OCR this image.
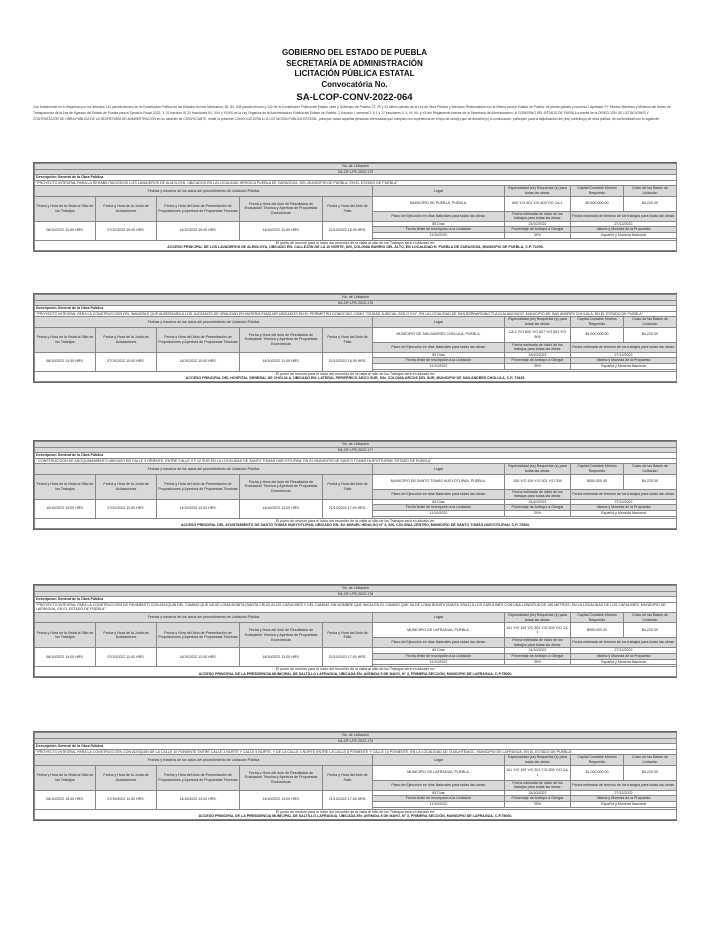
GOBIERNO DEL ESTADO DE PUEBLA
SECRETARÍA DE ADMINISTRACIÓN
LICITACIÓN PÚBLICA ESTATAL
Convocatória No.
SA-LCOP-CONV-2022-064
Con fundamento en lo dispuesto por los artículos 134 párrafo tercero de la Constitución Política de los Estados Unidos Mexicanos, 82, 83, 108 párrafo tercero y 122 de la Constitución Política del Estado Libre y Soberano de Puebla; 27, 29 y 31 último párrafo de la Ley de Obra Pública y Servicios Relacionados con la Misma para el Estado de Puebla; 46 primer párrafo y numeral 2 Apartado "H" Montos Máximos y Mínimos del Anexo de Transparencia de la Ley de Egresos del Estado de Puebla para el Ejercicio Fiscal 2022; 3, 31 fracción III, 34 fracciones XV, XXII y XXXIII de la Ley Orgánica de la Administración Pública del Estado de Puebla; 2, fracción I, numeral 1, 5.1 y 17 fracciones II, V, VI, VII, y XII del Reglamento Interior de la Secretaría de Administración, el GOBIERNO DEL ESTADO DE PUEBLA a través de la DIRECCIÓN DE LICITACIONES Y CONTRATACIÓN DE OBRA PÚBLICA DE LA SECRETARÍA DE ADMINISTRACIÓN en su carácter de CONVOCANTE, emite la presente CONVOCATORIA A LA LICITACIÓN PÚBLICA ESTATAL, para que todas aquellas personas interesadas que cumplan con experiencia en el tipo de obra(s) que se describe(n) a continuación, participen para la adjudicación del (los) contrato(s) de obra pública, de conformidad con lo siguiente:
No. de Licitación								
SA-OP-LPE-2022-175								
Descripción General de la Obra Pública								
"PROYECTO INTEGRAL PARA LA REHABILITACIÓN DE LOS LAVADEROS DE ALMOLOYA, UBICADOS EN LA LOCALIDAD HEROICA PUEBLA DE ZARAGOZA, DEL MUNICIPIO DE PUEBLA, EN EL ESTADO DE PUEBLA"								
Fechas y horarios de los actos del procedimiento de Licitación Pública					Lugar	Especialidad (es) Requerida (s) para todas las obras:	Capital Contable Mínimo Requerido	Costo de las Bases de Licitación
Fecha y Hora de la Visita al Sitio de los Trabajos	Fecha y Hora de la Junta de Aclaraciones	Fecha y Hora del Acto de Presentación de Proposiciones y Apertura de Propuestas Técnicas	Fecha y Hora del Acto de Resultados de Evaluación Técnica y Apertura de Propuestas Económicas	Fecha y Hora del Acto de Fallo	MUNICIPIO DE PUEBLA, PUEBLA.	600 Y/O 601 Y/O 609 Y/O CA-1	$2,600,000.00	$4,220.00
					Plazo de Ejecución en días Naturales para todas las obras:	Fecha estimada de inicio de los trabajos para todas las obras:	Fecha estimada de termino de los trabajos para todas las obras:	
06/10/2022 11:00 HRS.	07/10/2022 10:00 HRS.	14/10/2022 10:00 HRS.	14/10/2022 11:00 HRS.	21/10/2022 16:30 HRS.	65 Días	24/10/2022	27/12/2022	
					Fecha límite de Inscripción a la Licitación	Porcentaje de Anticipo a Otorgar	Idioma y Moneda de la Propuesta	
					11/10/2022	30%	Español y Moneda Nacional	

El punto de reunión para el inicio del recorrido de la visita al sitio de los Trabajos será el ubicado en:
ACCESO PRINCIPAL DE LOS LAVADEROS DE ALMOLOYA, UBICADO EN: CALLEJÓN DE LA 10 NORTE, S/N, COLONIA BARRIO DEL ALTO, EN LOCALIDAD H. PUEBLA DE ZARAGOZA, MUNICIPIO DE PUEBLA, C.P. 72290.								
No. de Licitación								
SA-OP-LPE-2022-176								
Descripción General de la Obra Pública								
"PROYECTO INTEGRAL PARA LA CONSTRUCCIÓN DEL INMUEBLE QUE ALBERGARÁ A LOS JUZGADOS DE ORALIDAD EN MATERIA FAMILIAR UBICADOS EN EL PERÍMETRO CONOCIDO COMO "CIUDAD JUDICIAL SIGLO XXI", EN LA LOCALIDAD DE SAN BERNARDINO TLAXCALANCINGO, MUNICIPIO DE SAN ANDRÉS CHOLULA, EN EL ESTADO DE PUEBLA"								
Fechas y horarios de los actos del procedimiento de Licitación Pública					Lugar	Especialidad (es) Requerida (s) para todas las obras:	Capital Contable Mínimo Requerido	Costo de las Bases de Licitación
Fecha y Hora de la Visita al Sitio de los Trabajos	Fecha y Hora de la Junta de Aclaraciones	Fecha y Hora del Acto de Presentación de Proposiciones y Apertura de Propuestas Técnicas	Fecha y Hora del Acto de Resultados de Evaluación Técnica y Apertura de Propuestas Económicas	Fecha y Hora del Acto de Fallo	MUNICIPIO DE SAN ANDRÉS CHOLULA, PUEBLA.	CA-1 Y/O 600 Y/O 607 Y/O 601 Y/O 609	$4,500,000.00	$4,220.00
					Plazo de Ejecución en días Naturales para todas las obras:	Fecha estimada de inicio de los trabajos para todas las obras:	Fecha estimada de termino de los trabajos para todas las obras:	
06/10/2022 14:30 HRS.	07/10/2022 10:00 HRS.	14/10/2022 10:00 HRS.	14/10/2022 11:00 HRS.	21/10/2022 16:30 HRS.	65 Días	24/10/2022	27/12/2022	
					Fecha límite de Inscripción a la Licitación	Porcentaje de Anticipo a Otorgar	Idioma y Moneda de la Propuesta	
					11/10/2022	30%	Español y Moneda Nacional	

El punto de reunión para el inicio del recorrido de la visita al sitio de los Trabajos será el ubicado en:
ACCESO PRINCIPAL DEL HOSPITAL GENERAL DE CHOLULA, UBICADO EN: LATERAL PERIFÉRICO ARCO SUR, S/N, COLONIA ARCOS DEL SUR, MUNICIPIO DE SAN ANDRÉS CHOLULA, C.P. 72825.								
No. de Licitación								
SA-OP-LPE-2022-177								
Descripción General de la Obra Pública								
" CONSTRUCCIÓN DE ADOQUINAMIENTO UBICADO EN CALLE 3 ORIENTE, ENTRE CALLE 4 Y 12 SUR EN LA LOCALIDAD DE SANTO TOMÁS HUEYOTLIPAN, EN EL MUNICIPIO DE SANTO TOMÁS HUEYOTLIPAN, ESTADO DE PUEBLA"								
Fechas y horarios de los actos del procedimiento de Licitación Pública					Lugar	Especialidad (es) Requerida (s) para todas las obras:	Capital Contable Mínimo Requerido	Costo de las Bases de Licitación
Fecha y Hora de la Visita al Sitio de los Trabajos	Fecha y Hora de la Junta de Aclaraciones	Fecha y Hora del Acto de Presentación de Proposiciones y Apertura de Propuestas Técnicas	Fecha y Hora del Acto de Resultados de Evaluación Técnica y Apertura de Propuestas Económicas	Fecha y Hora del Acto de Fallo	MUNICIPIO DE SANTO TOMÁS HUEYOTLIPAN, PUEBLA.	100 Y/O 109 Y/O 301 Y/O 309	$500,000.00	$4,220.00
					Plazo de Ejecución en días Naturales para todas las obras:	Fecha estimada de inicio de los trabajos para todas las obras:	Fecha estimada de termino de los trabajos para todas las obras:	
10/10/2022 10:00 HRS.	07/10/2022 11:00 HRS.	14/10/2022 12:00 HRS.	14/10/2022 13:00 HRS.	21/10/2022 17:00 HRS.	65 Días	24/10/2022	27/12/2022	
					Fecha límite de Inscripción a la Licitación	Porcentaje de Anticipo a Otorgar	Idioma y Moneda de la Propuesta	
					11/10/2022	30%	Español y Moneda Nacional	

El punto de reunión para el inicio del recorrido de la visita al sitio de los Trabajos será el ubicado en:
ACCESO PRINCIPAL DEL AYUNTAMIENTO DE SANTO TOMÁS HUEYOTLIPAN, UBICADO EN: AV. MIGUEL HIDALGO N° 3, S/N, COLONIA CENTRO, MUNICIPIO DE SANTO TOMÁS HUEYOTLIPAN, C.P. 75500.								
No. de Licitación								
SA-OP-LPE-2022-178								
Descripción General de la Obra Pública								
"PROYECTO INTEGRAL PARA LA CONSTRUCCIÓN DE PAVIMENTO CON ADOQUÍN DEL CAMINO QUE VA DE LOMA BONITA (SANTA CRUZ) A LOS CAPULINES Y DEL CAMINO SIN NOMBRE QUE INICIA EN EL CAMINO QUE VA DE LOMA BONITA (SANTA CRUZ) A LOS CAPULINES CON UNA LONGITUD DE 196 METROS, EN LA LOCALIDAD DE LOS CAPULINES, MUNICIPIO DE LAFRAGUA, EN EL ESTADO DE PUEBLA"								
Fechas y horarios de los actos del procedimiento de Licitación Pública					Lugar	Especialidad (es) Requerida (s) para todas las obras:	Capital Contable Mínimo Requerido	Costo de las Bases de Licitación
Fecha y Hora de la Visita al Sitio de los Trabajos	Fecha y Hora de la Junta de Aclaraciones	Fecha y Hora del Acto de Presentación de Proposiciones y Apertura de Propuestas Técnicas	Fecha y Hora del Acto de Resultados de Evaluación Técnica y Apertura de Propuestas Económicas	Fecha y Hora del Acto de Fallo	MUNICIPIO DE LAFRAGUA, PUEBLA.	101 Y/O 109 Y/O 301 Y/O 309 Y/O CA-1	$900,000.00	$4,220.00
					Plazo de Ejecución en días Naturales para todas las obras:	Fecha estimada de inicio de los trabajos para todas las obras:	Fecha estimada de termino de los trabajos para todas las obras:	
06/10/2022 14:00 HRS.	07/10/2022 11:00 HRS.	14/10/2022 12:00 HRS.	14/10/2022 13:00 HRS.	21/10/2022 17:00 HRS.	65 Días	24/10/2022	27/12/2022	
					Fecha límite de Inscripción a la Licitación	Porcentaje de Anticipo a Otorgar	Idioma y Moneda de la Propuesta	
					11/10/2022	30%	Español y Moneda Nacional	

El punto de reunión para el inicio del recorrido de la visita al sitio de los Trabajos será el ubicado en:
ACCESO PRINCIPAL DE LA PRESIDENCIA MUNICIPAL DE SALTILLO LAFRAGUA, UBICADA EN: AVENIDA 5 DE MAYO, N° 3, PRIMERA SECCIÓN, MUNICIPIO DE LAFRAGUA, C.P.75060.								
No. de Licitación								
SA-OP-LPE-2022-179								
Descripción General de la Obra Pública								
"PROYECTO INTEGRAL PARA LA CONSTRUCCIÓN CON ADOQUÍN DE LA CALLE 10 PONIENTE ENTRE CALLE 3 NORTE Y CALLE 5 NORTE, Y DE LA CALLE 3 NORTE ENTRE LA CALLE 8 PONIENTE Y CALLE 10 PONIENTE, EN LA LOCALIDAD DE CUAUHTÉMOC, MUNICIPIO DE LAFRAGUA, EN EL ESTADO DE PUEBLA"								
Fechas y horarios de los actos del procedimiento de Licitación Pública					Lugar	Especialidad (es) Requerida (s) para todas las obras:	Capital Contable Mínimo Requerido	Costo de las Bases de Licitación
Fecha y Hora de la Visita al Sitio de los Trabajos	Fecha y Hora de la Junta de Aclaraciones	Fecha y Hora del Acto de Presentación de Proposiciones y Apertura de Propuestas Técnicas	Fecha y Hora del Acto de Resultados de Evaluación Técnica y Apertura de Propuestas Económicas	Fecha y Hora del Acto de Fallo	MUNICIPIO DE LAFRAGUA, PUEBLA.	101 Y/O 109 Y/O 301 Y/O 309 Y/O CA-1	$1,000,000.00	$4,220.00
					Plazo de Ejecución en días Naturales para todas las obras:	Fecha estimada de inicio de los trabajos para todas las obras:	Fecha estimada de termino de los trabajos para todas las obras:	
06/10/2022 15:30 HRS.	07/10/2022 11:00 HRS.	14/10/2022 12:00 HRS.	14/10/2022 13:00 HRS.	21/10/2022 17:00 HRS.	65 Días	24/10/2022	27/12/2022	
					Fecha límite de Inscripción a la Licitación	Porcentaje de Anticipo a Otorgar	Idioma y Moneda de la Propuesta	
					11/10/2022	30%	Español y Moneda Nacional	

El punto de reunión para el inicio del recorrido de la visita al sitio de los Trabajos será el ubicado en:
ACCESO PRINCIPAL DE LA PRESIDENCIA MUNICIPAL DE SALTILLO LAFRAGUA, UBICADA EN: AVENIDA 5 DE MAYO, N° 3, PRIMERA SECCIÓN, MUNICIPIO DE LAFRAGUA, C.P.75060.								
